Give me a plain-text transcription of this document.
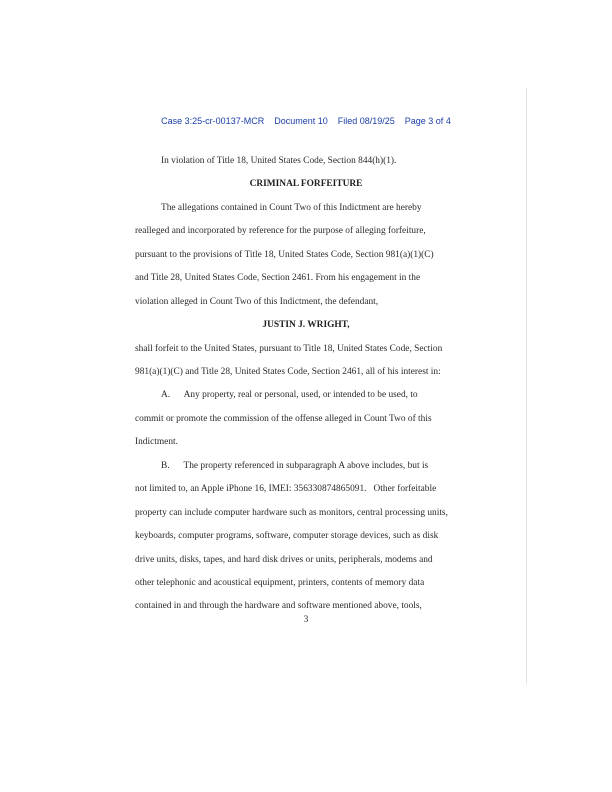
Case 3:25-cr-00137-MCR Document 10 Filed 08/19/25 Page 3 of 4
In violation of Title 18, United States Code, Section 844(h)(1).
CRIMINAL FORFEITURE
The allegations contained in Count Two of this Indictment are hereby
realleged and incorporated by reference for the purpose of alleging forfeiture,
pursuant to the provisions of Title 18, United States Code, Section 981(a)(1)(C)
and Title 28, United States Code, Section 2461. From his engagement in the
violation alleged in Count Two of this Indictment, the defendant,
JUSTIN J. WRIGHT,
shall forfeit to the United States, pursuant to Title 18, United States Code, Section
981(a)(1)(C) and Title 28, United States Code, Section 2461, all of his interest in:
A.      Any property, real or personal, used, or intended to be used, to
commit or promote the commission of the offense alleged in Count Two of this
Indictment.
B.      The property referenced in subparagraph A above includes, but is
not limited to, an Apple iPhone 16, IMEI: 356330874865091.   Other forfeitable
property can include computer hardware such as monitors, central processing units,
keyboards, computer programs, software, computer storage devices, such as disk
drive units, disks, tapes, and hard disk drives or units, peripherals, modems and
other telephonic and acoustical equipment, printers, contents of memory data
contained in and through the hardware and software mentioned above, tools,
3
